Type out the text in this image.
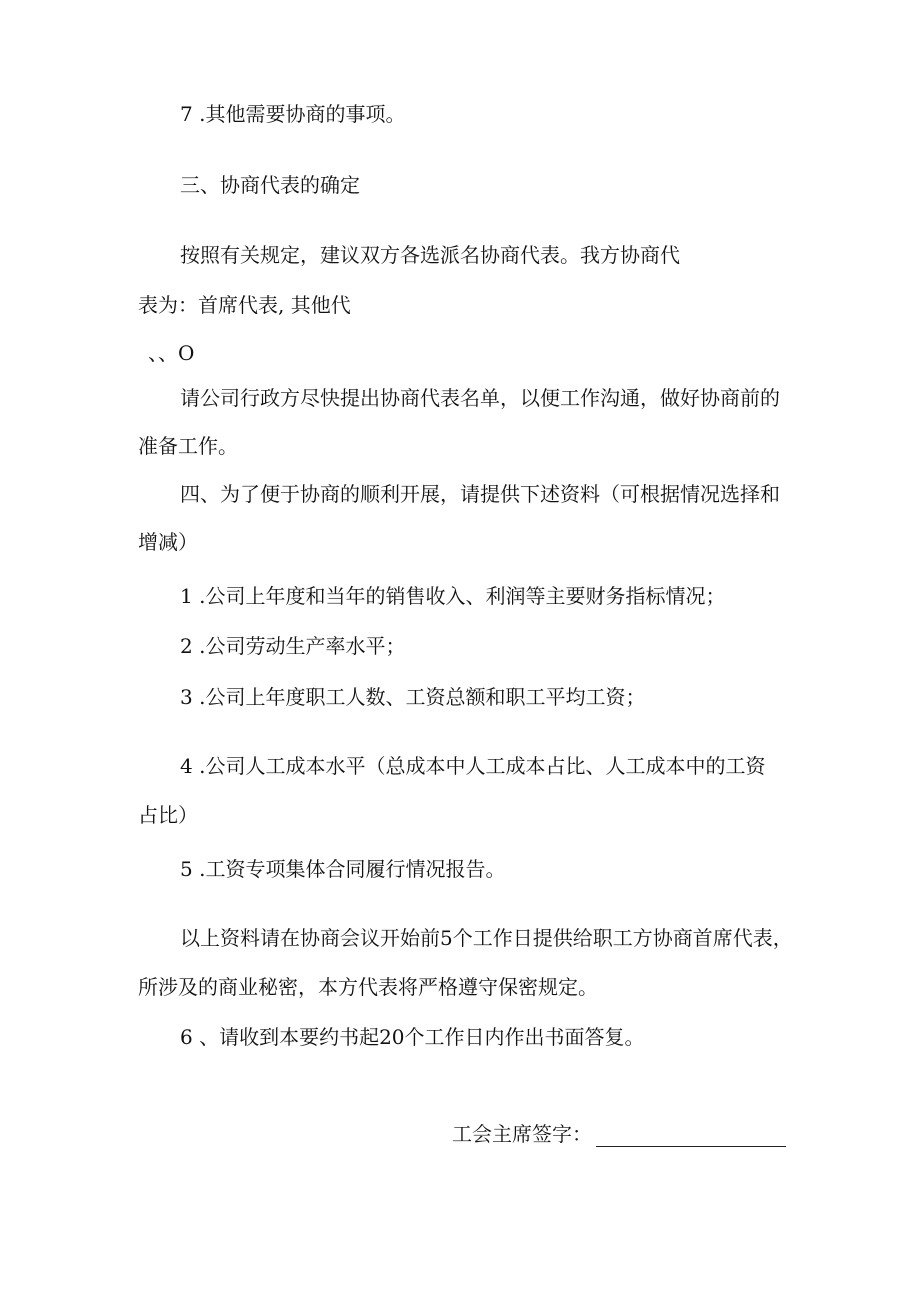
7 .其他需要协商的事项。

三、协商代表的确定

按照有关规定，建议双方各选派名协商代表。我方协商代

表为：首席代表, 其他代

、、O

请公司行政方尽快提出协商代表名单，以便工作沟通，做好协商前的

准备工作。

四、为了便于协商的顺利开展，请提供下述资料（可根据情况选择和

增减）

1 .公司上年度和当年的销售收入、利润等主要财务指标情况；

2 .公司劳动生产率水平；

3 .公司上年度职工人数、工资总额和职工平均工资；

4 .公司人工成本水平（总成本中人工成本占比、人工成本中的工资

占比）

5 .工资专项集体合同履行情况报告。

以上资料请在协商会议开始前5个工作日提供给职工方协商首席代表，

所涉及的商业秘密，本方代表将严格遵守保密规定。

6 、请收到本要约书起20个工作日内作出书面答复。

工会主席签字：
